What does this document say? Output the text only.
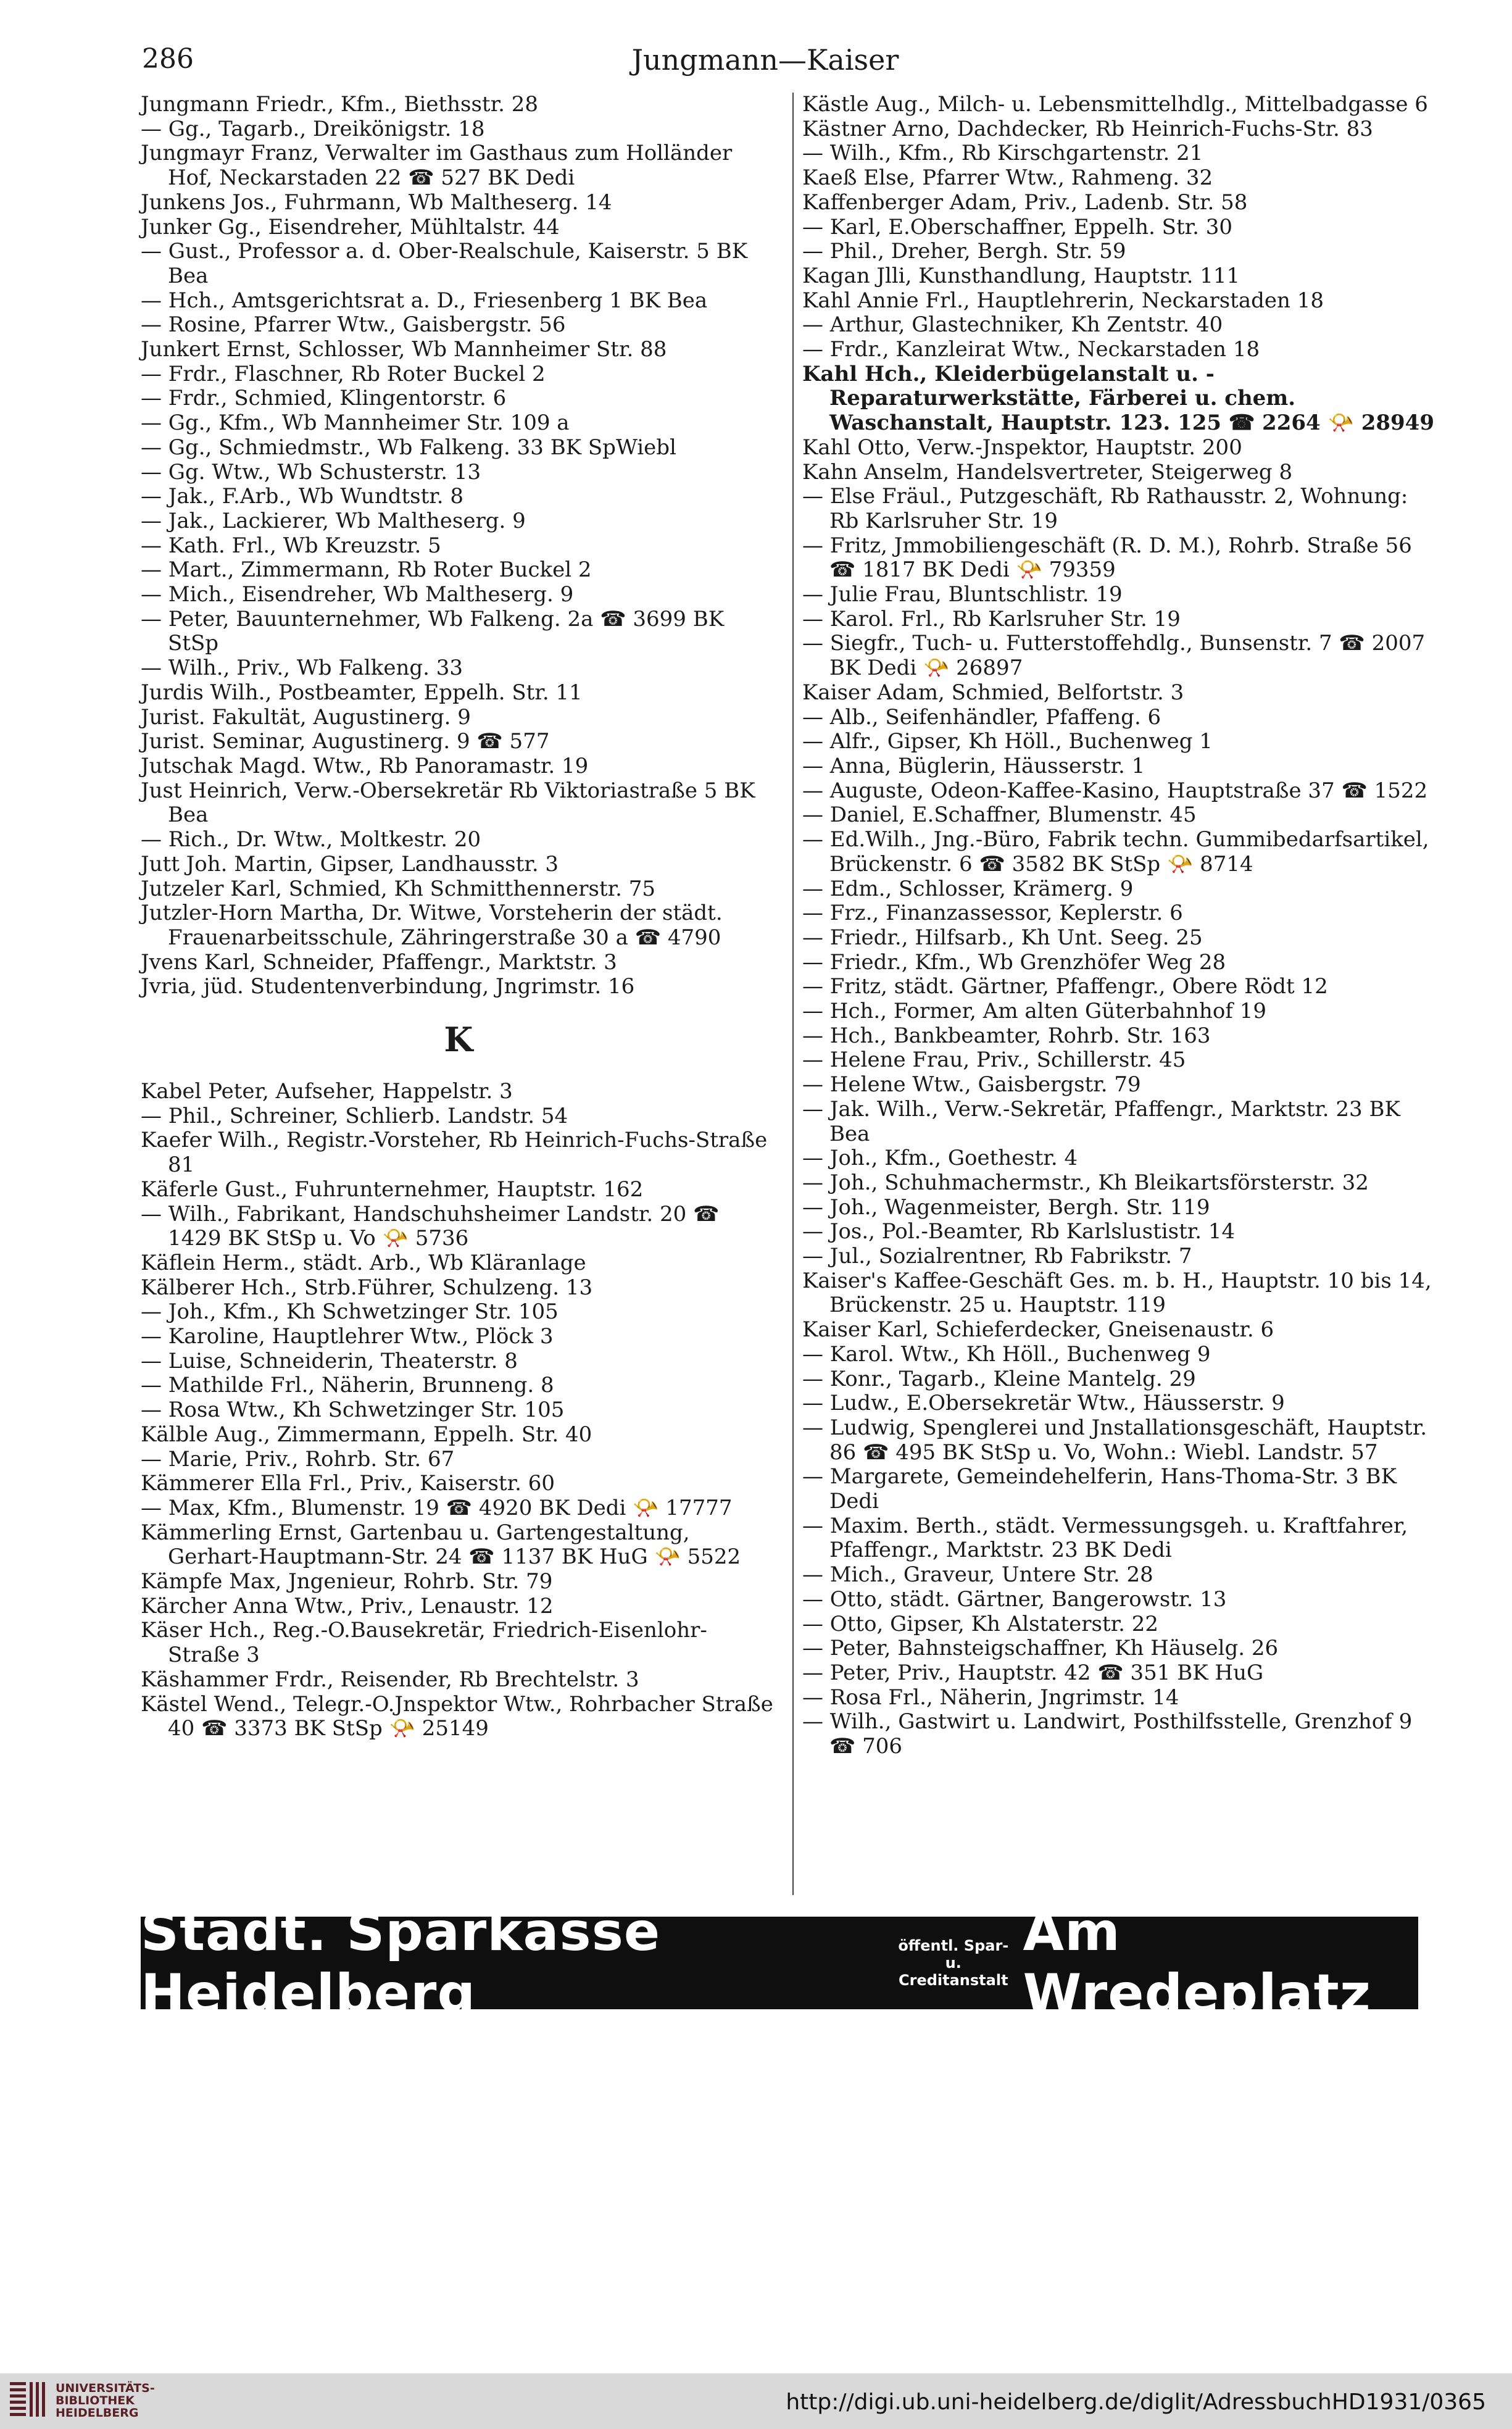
286	Jungmann—Kaiser
Jungmann Friedr., Kfm., Biethsstr. 28
— Gg., Tagarb., Dreikönigstr. 18
Jungmayr Franz, Verwalter im Gasthaus zum Holländer Hof, Neckarstaden 22 ☎ 527 BK Dedi
Junkens Jos., Fuhrmann, Wb Maltheserg. 14
Junker Gg., Eisendreher, Mühltalstr. 44
— Gust., Professor a. d. Ober-Realschule, Kaiserstr. 5 BK Bea
— Hch., Amtsgerichtsrat a. D., Friesenberg 1 BK Bea
— Rosine, Pfarrer Wtw., Gaisbergstr. 56
Junkert Ernst, Schlosser, Wb Mannheimer Str. 88
— Frdr., Flaschner, Rb Roter Buckel 2
— Frdr., Schmied, Klingentorstr. 6
— Gg., Kfm., Wb Mannheimer Str. 109 a
— Gg., Schmiedmstr., Wb Falkeng. 33 BK SpWiebl
— Gg. Wtw., Wb Schusterstr. 13
— Jak., F.Arb., Wb Wundtstr. 8
— Jak., Lackierer, Wb Maltheserg. 9
— Kath. Frl., Wb Kreuzstr. 5
— Mart., Zimmermann, Rb Roter Buckel 2
— Mich., Eisendreher, Wb Maltheserg. 9
— Peter, Bauunternehmer, Wb Falkeng. 2a ☎ 3699 BK StSp
— Wilh., Priv., Wb Falkeng. 33
Jurdis Wilh., Postbeamter, Eppelh. Str. 11
Jurist. Fakultät, Augustinerg. 9
Jurist. Seminar, Augustinerg. 9 ☎ 577
Jutschak Magd. Wtw., Rb Panoramastr. 19
Just Heinrich, Verw.-Obersekretär Rb Viktoriastraße 5 BK Bea
— Rich., Dr. Wtw., Moltkestr. 20
Jutt Joh. Martin, Gipser, Landhausstr. 3
Jutzeler Karl, Schmied, Kh Schmitthennerstr. 75
Jutzler-Horn Martha, Dr. Witwe, Vorsteherin der städt. Frauenarbeitsschule, Zähringerstraße 30 a ☎ 4790
Jvens Karl, Schneider, Pfaffengr., Marktstr. 3
Jvria, jüd. Studentenverbindung, Jngrimstr. 16
K
Kabel Peter, Aufseher, Happelstr. 3
— Phil., Schreiner, Schlierb. Landstr. 54
Kaefer Wilh., Registr.-Vorsteher, Rb Heinrich-Fuchs-Straße 81
Käferle Gust., Fuhrunternehmer, Hauptstr. 162
— Wilh., Fabrikant, Handschuhsheimer Landstr. 20 ☎ 1429 BK StSp u. Vo 📯 5736
Käflein Herm., städt. Arb., Wb Kläranlage
Kälberer Hch., Strb.Führer, Schulzeng. 13
— Joh., Kfm., Kh Schwetzinger Str. 105
— Karoline, Hauptlehrer Wtw., Plöck 3
— Luise, Schneiderin, Theaterstr. 8
— Mathilde Frl., Näherin, Brunneng. 8
— Rosa Wtw., Kh Schwetzinger Str. 105
Kälble Aug., Zimmermann, Eppelh. Str. 40
— Marie, Priv., Rohrb. Str. 67
Kämmerer Ella Frl., Priv., Kaiserstr. 60
— Max, Kfm., Blumenstr. 19 ☎ 4920 BK Dedi 📯 17777
Kämmerling Ernst, Gartenbau u. Gartengestaltung, Gerhart-Hauptmann-Str. 24 ☎ 1137 BK HuG 📯 5522
Kämpfe Max, Jngenieur, Rohrb. Str. 79
Kärcher Anna Wtw., Priv., Lenaustr. 12
Käser Hch., Reg.-O.Bausekretär, Friedrich-Eisenlohr-Straße 3
Käshammer Frdr., Reisender, Rb Brechtelstr. 3
Kästel Wend., Telegr.-O.Jnspektor Wtw., Rohrbacher Straße 40 ☎ 3373 BK StSp 📯 25149
Kästle Aug., Milch- u. Lebensmittelhdlg., Mittelbadgasse 6
Kästner Arno, Dachdecker, Rb Heinrich-Fuchs-Str. 83
— Wilh., Kfm., Rb Kirschgartenstr. 21
Kaeß Else, Pfarrer Wtw., Rahmeng. 32
Kaffenberger Adam, Priv., Ladenb. Str. 58
— Karl, E.Oberschaffner, Eppelh. Str. 30
— Phil., Dreher, Bergh. Str. 59
Kagan Jlli, Kunsthandlung, Hauptstr. 111
Kahl Annie Frl., Hauptlehrerin, Neckarstaden 18
— Arthur, Glastechniker, Kh Zentstr. 40
— Frdr., Kanzleirat Wtw., Neckarstaden 18
Kahl Hch., Kleiderbügelanstalt u. -Reparaturwerkstätte, Färberei u. chem. Waschanstalt, Hauptstr. 123. 125 ☎ 2264 📯 28949
Kahl Otto, Verw.-Jnspektor, Hauptstr. 200
Kahn Anselm, Handelsvertreter, Steigerweg 8
— Else Fräul., Putzgeschäft, Rb Rathausstr. 2, Wohnung: Rb Karlsruher Str. 19
— Fritz, Jmmobiliengeschäft (R. D. M.), Rohrb. Straße 56 ☎ 1817 BK Dedi 📯 79359
— Julie Frau, Bluntschlistr. 19
— Karol. Frl., Rb Karlsruher Str. 19
— Siegfr., Tuch- u. Futterstoffehdlg., Bunsenstr. 7 ☎ 2007 BK Dedi 📯 26897
Kaiser Adam, Schmied, Belfortstr. 3
— Alb., Seifenhändler, Pfaffeng. 6
— Alfr., Gipser, Kh Höll., Buchenweg 1
— Anna, Büglerin, Häusserstr. 1
— Auguste, Odeon-Kaffee-Kasino, Hauptstraße 37 ☎ 1522
— Daniel, E.Schaffner, Blumenstr. 45
— Ed.Wilh., Jng.-Büro, Fabrik techn. Gummibedarfsartikel, Brückenstr. 6 ☎ 3582 BK StSp 📯 8714
— Edm., Schlosser, Krämerg. 9
— Frz., Finanzassessor, Keplerstr. 6
— Friedr., Hilfsarb., Kh Unt. Seeg. 25
— Friedr., Kfm., Wb Grenzhöfer Weg 28
— Fritz, städt. Gärtner, Pfaffengr., Obere Rödt 12
— Hch., Former, Am alten Güterbahnhof 19
— Hch., Bankbeamter, Rohrb. Str. 163
— Helene Frau, Priv., Schillerstr. 45
— Helene Wtw., Gaisbergstr. 79
— Jak. Wilh., Verw.-Sekretär, Pfaffengr., Marktstr. 23 BK Bea
— Joh., Kfm., Goethestr. 4
— Joh., Schuhmachermstr., Kh Bleikartsförsterstr. 32
— Joh., Wagenmeister, Bergh. Str. 119
— Jos., Pol.-Beamter, Rb Karlslustistr. 14
— Jul., Sozialrentner, Rb Fabrikstr. 7
Kaiser's Kaffee-Geschäft Ges. m. b. H., Hauptstr. 10 bis 14, Brückenstr. 25 u. Hauptstr. 119
Kaiser Karl, Schieferdecker, Gneisenaustr. 6
— Karol. Wtw., Kh Höll., Buchenweg 9
— Konr., Tagarb., Kleine Mantelg. 29
— Ludw., E.Obersekretär Wtw., Häusserstr. 9
— Ludwig, Spenglerei und Jnstallationsgeschäft, Hauptstr. 86 ☎ 495 BK StSp u. Vo, Wohn.: Wiebl. Landstr. 57
— Margarete, Gemeindehelferin, Hans-Thoma-Str. 3 BK Dedi
— Maxim. Berth., städt. Vermessungsgeh. u. Kraftfahrer, Pfaffengr., Marktstr. 23 BK Dedi
— Mich., Graveur, Untere Str. 28
— Otto, städt. Gärtner, Bangerowstr. 13
— Otto, Gipser, Kh Alstaterstr. 22
— Peter, Bahnsteigschaffner, Kh Häuselg. 26
— Peter, Priv., Hauptstr. 42 ☎ 351 BK HuG
— Rosa Frl., Näherin, Jngrimstr. 14
— Wilh., Gastwirt u. Landwirt, Posthilfsstelle, Grenzhof 9 ☎ 706
Städt. Sparkasse Heidelberg
öffentl. Spar- u.
Creditanstalt
Am Wredeplatz
UNIVERSITÄTS-
BIBLIOTHEK
HEIDELBERG	http://digi.ub.uni-heidelberg.de/diglit/AdressbuchHD1931/0365
